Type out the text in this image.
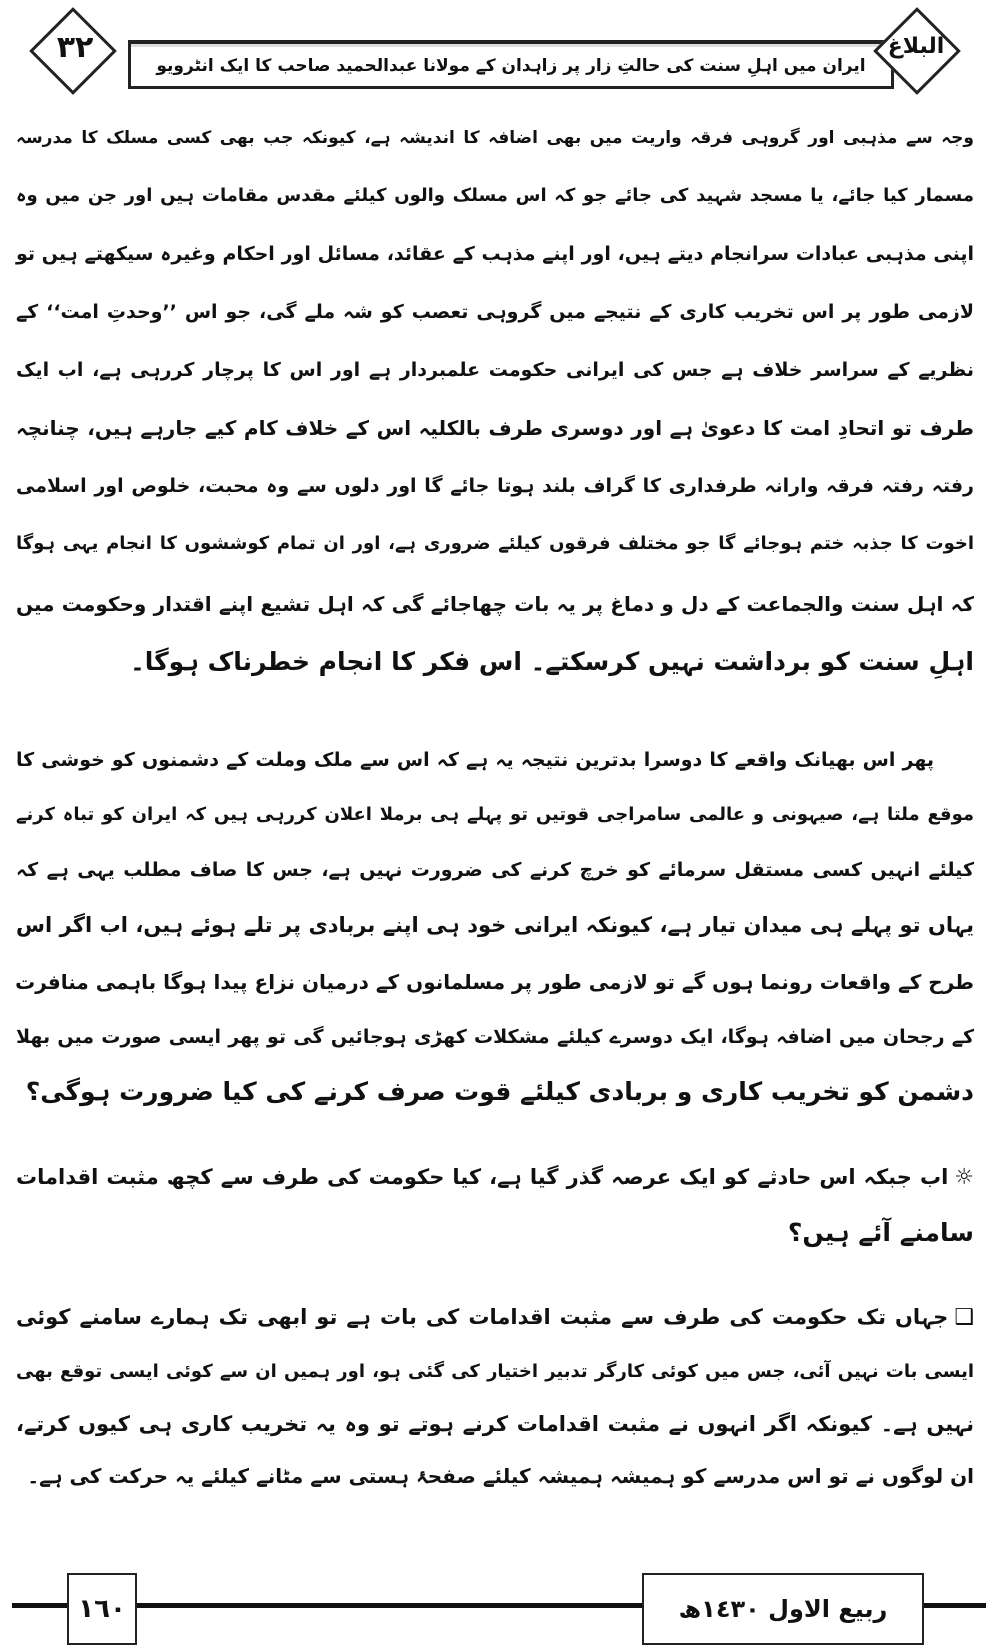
٣٢
ایران میں اہلِ سنت کی حالتِ زار پر زاہدان کے مولانا عبدالحمید صاحب کا ایک انٹرویو
البلاغ
وجہ سے مذہبی اور گروہی فرقہ واریت میں بھی اضافہ کا اندیشہ ہے، کیونکہ جب بھی کسی مسلک کا مدرسہ
مسمار کیا جائے، یا مسجد شہید کی جائے جو کہ اس مسلک والوں کیلئے مقدس مقامات ہیں اور جن میں وہ
اپنی مذہبی عبادات سرانجام دیتے ہیں، اور اپنے مذہب کے عقائد، مسائل اور احکام وغیرہ سیکھتے ہیں تو
لازمی طور پر اس تخریب کاری کے نتیجے میں گروہی تعصب کو شہ ملے گی، جو اس ’’وحدتِ امت‘‘ کے
نظریے کے سراسر خلاف ہے جس کی ایرانی حکومت علمبردار ہے اور اس کا پرچار کررہی ہے، اب ایک
طرف تو اتحادِ امت کا دعویٰ ہے اور دوسری طرف بالکلیہ اس کے خلاف کام کیے جارہے ہیں، چنانچہ
رفتہ رفتہ فرقہ وارانہ طرفداری کا گراف بلند ہوتا جائے گا اور دلوں سے وہ محبت، خلوص اور اسلامی
اخوت کا جذبہ ختم ہوجائے گا جو مختلف فرقوں کیلئے ضروری ہے، اور ان تمام کوششوں کا انجام یہی ہوگا
کہ اہل سنت والجماعت کے دل و دماغ پر یہ بات چھاجائے گی کہ اہل تشیع اپنے اقتدار وحکومت میں
اہلِ سنت کو برداشت نہیں کرسکتے۔ اس فکر کا انجام خطرناک ہوگا۔
پھر اس بھیانک واقعے کا دوسرا بدترین نتیجہ یہ ہے کہ اس سے ملک وملت کے دشمنوں کو خوشی کا
موقع ملتا ہے، صیہونی و عالمی سامراجی قوتیں تو پہلے ہی برملا اعلان کررہی ہیں کہ ایران کو تباہ کرنے
کیلئے انہیں کسی مستقل سرمائے کو خرچ کرنے کی ضرورت نہیں ہے، جس کا صاف مطلب یہی ہے کہ
یہاں تو پہلے ہی میدان تیار ہے، کیونکہ ایرانی خود ہی اپنے بربادی پر تلے ہوئے ہیں، اب اگر اس
طرح کے واقعات رونما ہوں گے تو لازمی طور پر مسلمانوں کے درمیان نزاع پیدا ہوگا باہمی منافرت
کے رجحان میں اضافہ ہوگا، ایک دوسرے کیلئے مشکلات کھڑی ہوجائیں گی تو پھر ایسی صورت میں بھلا
دشمن کو تخریب کاری و بربادی کیلئے قوت صرف کرنے کی کیا ضرورت ہوگی؟
☼اب جبکہ اس حادثے کو ایک عرصہ گذر گیا ہے، کیا حکومت کی طرف سے کچھ مثبت اقدامات
سامنے آئے ہیں؟
❑جہاں تک حکومت کی طرف سے مثبت اقدامات کی بات ہے تو ابھی تک ہمارے سامنے کوئی
ایسی بات نہیں آئی، جس میں کوئی کارگر تدبیر اختیار کی گئی ہو، اور ہمیں ان سے کوئی ایسی توقع بھی
نہیں ہے۔ کیونکہ اگر انہوں نے مثبت اقدامات کرنے ہوتے تو وہ یہ تخریب کاری ہی کیوں کرتے،
ان لوگوں نے تو اس مدرسے کو ہمیشہ ہمیشہ کیلئے صفحۂ ہستی سے مٹانے کیلئے یہ حرکت کی ہے۔
١٦٠	ربیع الاول ١٤٣٠ھ
